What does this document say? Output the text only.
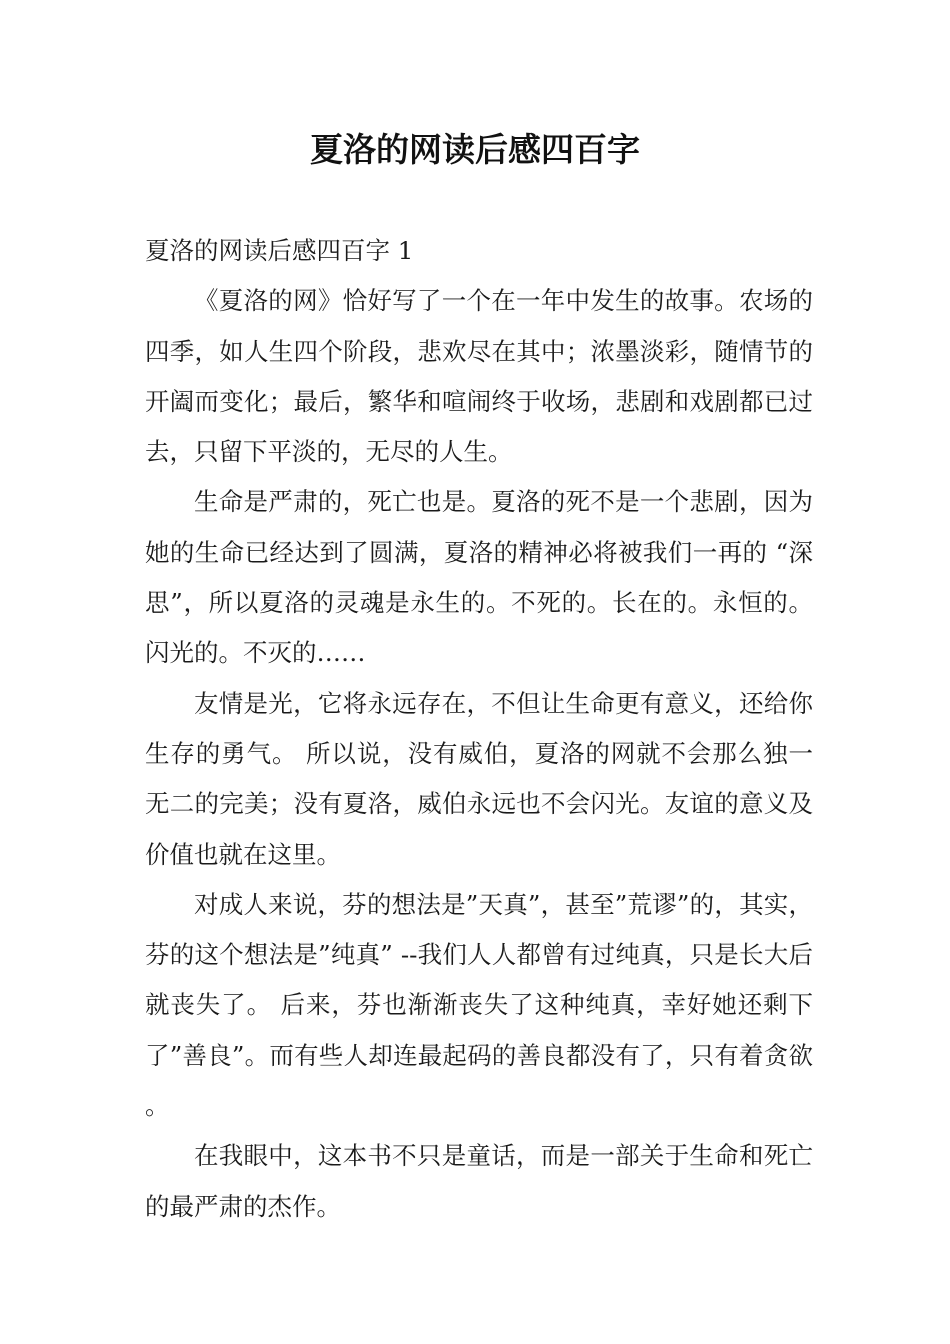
夏洛的网读后感四百字

夏洛的网读后感四百字 1

《夏洛的网》恰好写了一个在一年中发生的故事。农场的四季，如人生四个阶段，悲欢尽在其中；浓墨淡彩，随情节的开阖而变化；最后，繁华和喧闹终于收场，悲剧和戏剧都已过去，只留下平淡的，无尽的人生。

生命是严肃的，死亡也是。夏洛的死不是一个悲剧，因为她的生命已经达到了圆满，夏洛的精神必将被我们一再的 “深思”，所以夏洛的灵魂是永生的。不死的。长在的。永恒的。闪光的。不灭的……

友情是光，它将永远存在，不但让生命更有意义，还给你生存的勇气。 所以说，没有威伯，夏洛的网就不会那么独一无二的完美；没有夏洛，威伯永远也不会闪光。友谊的意义及价值也就在这里。

对成人来说，芬的想法是”天真”，甚至”荒谬”的，其实，芬的这个想法是”纯真” --我们人人都曾有过纯真，只是长大后就丧失了。 后来，芬也渐渐丧失了这种纯真，幸好她还剩下了”善良”。而有些人却连最起码的善良都没有了，只有着贪欲。

在我眼中，这本书不只是童话，而是一部关于生命和死亡的最严肃的杰作。
